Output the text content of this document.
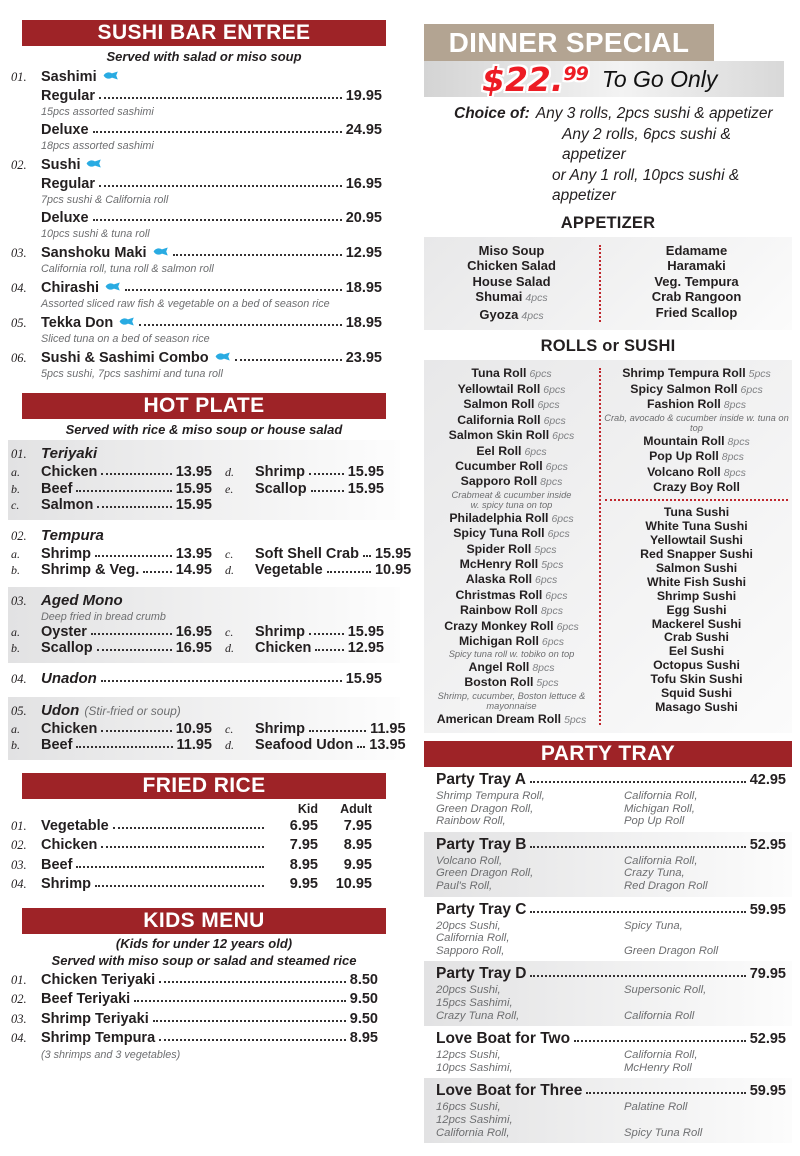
SUSHI BAR ENTREE
Served with salad or miso soup
01. Sashimi
Regular	19.95
15pcs assorted sashimi
Deluxe	24.95
18pcs assorted sashimi
02. Sushi
Regular	16.95
7pcs sushi & California roll
Deluxe	20.95
10pcs sushi & tuna roll
03. Sanshoku Maki	12.95
California roll, tuna roll & salmon roll
04. Chirashi	18.95
Assorted sliced raw fish & vegetable on a bed of season rice
05. Tekka Don	18.95
Sliced tuna on a bed of season rice
06. Sushi & Sashimi Combo	23.95
5pcs sushi, 7pcs sashimi and tuna roll
HOT PLATE
Served with rice & miso soup or house salad
01. Teriyaki
a.	Chicken	13.95
b.	Beef	15.95
c.	Salmon	15.95
d.	Shrimp	15.95
e.	Scallop	15.95
02. Tempura
a.	Shrimp	13.95
b.	Shrimp & Veg.	14.95
c.	Soft Shell Crab 15.95
d.	Vegetable	10.95
03. Aged Mono
Deep fried in bread crumb
a.	Oyster	16.95
b.	Scallop	16.95
c.	Shrimp	15.95
d.	Chicken	12.95
04. Unadon	15.95
05. Udon (Stir-fried or soup)
a.	Chicken	10.95
b.	Beef	11.95
c.	Shrimp	11.95
d.	Seafood Udon 13.95
FRIED RICE
Kid	Adult
01. Vegetable	6.95	7.95
02. Chicken	7.95	8.95
03. Beef	8.95	9.95
04. Shrimp	9.95	10.95
KIDS MENU
(Kids for under 12 years old)
Served with miso soup or salad and steamed rice
01. Chicken Teriyaki	8.50
02. Beef Teriyaki	9.50
03. Shrimp Teriyaki	9.50
04. Shrimp Tempura	8.95
(3 shrimps and 3 vegetables)
DINNER SPECIAL
$22.99 To Go Only
Choice of: Any 3 rolls, 2pcs sushi & appetizer
Any 2 rolls, 6pcs sushi & appetizer
or Any 1 roll, 10pcs sushi & appetizer
APPETIZER
Miso Soup
Chicken Salad
House Salad
Shumai 4pcs
Gyoza 4pcs
Edamame
Haramaki
Veg. Tempura
Crab Rangoon
Fried Scallop
ROLLS or SUSHI
Tuna Roll 6pcs
Yellowtail Roll 6pcs
Salmon Roll 6pcs
California Roll 6pcs
Salmon Skin Roll 6pcs
Eel Roll 6pcs
Cucumber Roll 6pcs
Sapporo Roll 8pcs
Crabmeat & cucumber inside
w. spicy tuna on top
Philadelphia Roll 6pcs
Spicy Tuna Roll 6pcs
Spider Roll 5pcs
McHenry Roll 5pcs
Alaska Roll 6pcs
Christmas Roll 6pcs
Rainbow Roll 8pcs
Crazy Monkey Roll 6pcs
Michigan Roll 6pcs
Spicy tuna roll w. tobiko on top
Angel Roll 8pcs
Boston Roll 5pcs
Shrimp, cucumber, Boston lettuce & mayonnaise
American Dream Roll 5pcs
Shrimp Tempura Roll 5pcs
Spicy Salmon Roll 6pcs
Fashion Roll 8pcs
Crab, avocado & cucumber inside w. tuna on top
Mountain Roll 8pcs
Pop Up Roll 8pcs
Volcano Roll 8pcs
Crazy Boy Roll
Tuna Sushi
White Tuna Sushi
Yellowtail Sushi
Red Snapper Sushi
Salmon Sushi
White Fish Sushi
Shrimp Sushi
Egg Sushi
Mackerel Sushi
Crab Sushi
Eel Sushi
Octopus Sushi
Tofu Skin Sushi
Squid Sushi
Masago Sushi
PARTY TRAY
Party Tray A	42.95
Shrimp Tempura Roll,
Green Dragon Roll,
Rainbow Roll,
California Roll,
Michigan Roll,
Pop Up Roll
Party Tray B	52.95
Volcano Roll,
Green Dragon Roll,
Paul's Roll,
California Roll,
Crazy Tuna,
Red Dragon Roll
Party Tray C	59.95
20pcs Sushi,
California Roll,
Sapporo Roll,
Spicy Tuna,

Green Dragon Roll
Party Tray D	79.95
20pcs Sushi,
15pcs Sashimi,
Crazy Tuna Roll,
Supersonic Roll,

California Roll
Love Boat for Two	52.95
12pcs Sushi,
10pcs Sashimi,
California Roll,
McHenry Roll
Love Boat for Three	59.95
16pcs Sushi,
12pcs Sashimi,
California Roll,
Palatine Roll

Spicy Tuna Roll
